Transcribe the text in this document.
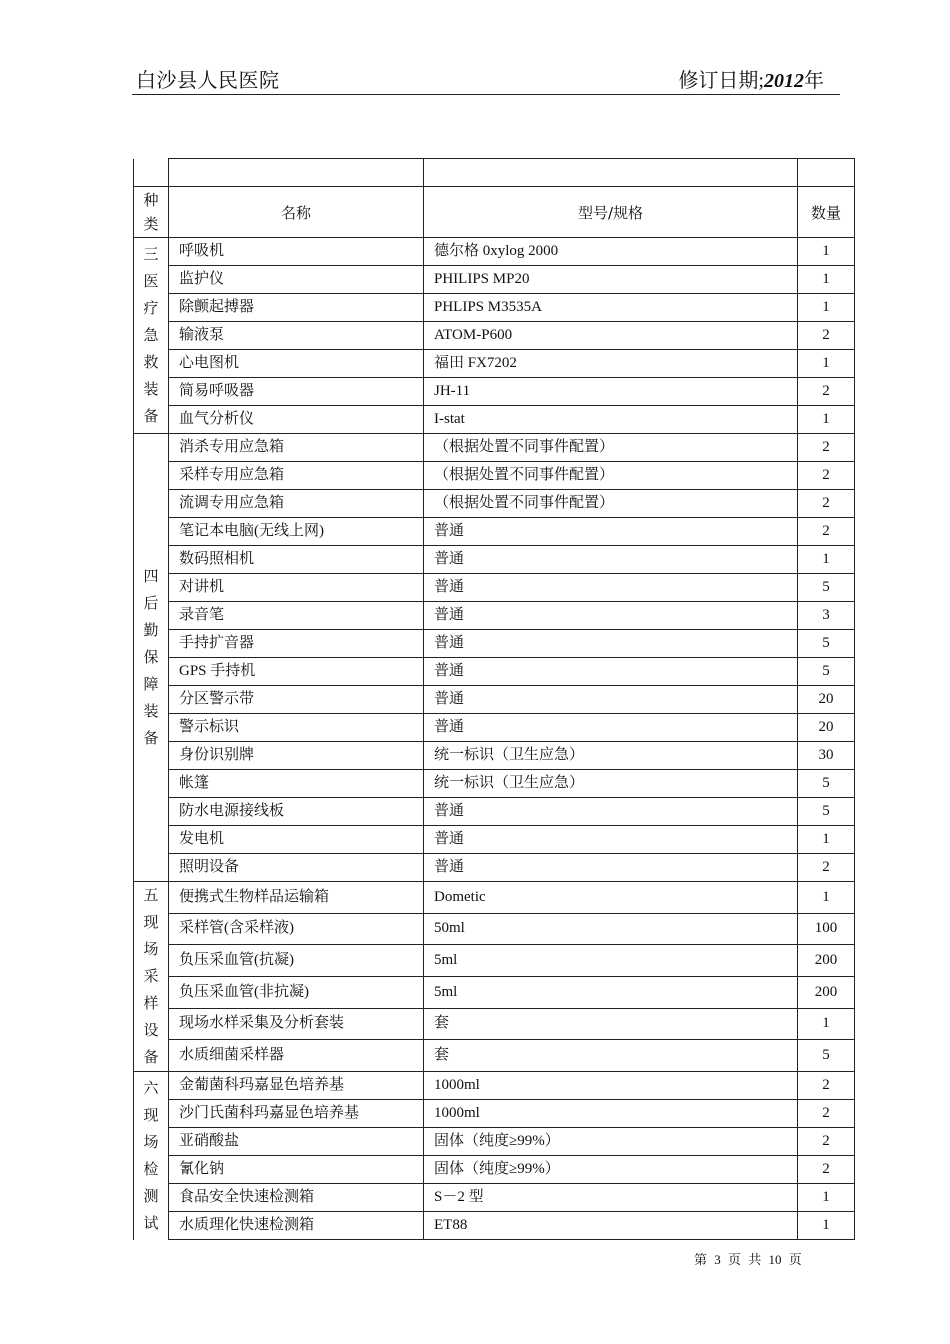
白沙县人民医院	修订日期;2012年

种类	名称	型号/规格	数量

三医疗急救装备	呼吸机	德尔格 0xylog 2000	1
	监护仪	PHILIPS MP20	1
	除颤起搏器	PHLIPS M3535A	1
	输液泵	ATOM-P600	2
	心电图机	福田 FX7202	1
	简易呼吸器	JH-11	2
	血气分析仪	I-stat	1

四后勤保障装备	消杀专用应急箱	（根据处置不同事件配置）	2
	采样专用应急箱	（根据处置不同事件配置）	2
	流调专用应急箱	（根据处置不同事件配置）	2
	笔记本电脑(无线上网)	普通	2
	数码照相机	普通	1
	对讲机	普通	5
	录音笔	普通	3
	手持扩音器	普通	5
	GPS 手持机	普通	5
	分区警示带	普通	20
	警示标识	普通	20
	身份识别牌	统一标识（卫生应急）	30
	帐篷	统一标识（卫生应急）	5
	防水电源接线板	普通	5
	发电机	普通	1
	照明设备	普通	2

五现场采样设备	便携式生物样品运输箱	Dometic	1
	采样管(含采样液)	50ml	100
	负压采血管(抗凝)	5ml	200
	负压采血管(非抗凝)	5ml	200
	现场水样采集及分析套装	套	1
	水质细菌采样器	套	5

六现场检测试	金葡菌科玛嘉显色培养基	1000ml	2
	沙门氏菌科玛嘉显色培养基	1000ml	2
	亚硝酸盐	固体（纯度≥99%）	2
	氰化钠	固体（纯度≥99%）	2
	食品安全快速检测箱	S－2 型	1
	水质理化快速检测箱	ET88	1
第 3 页 共 10 页
